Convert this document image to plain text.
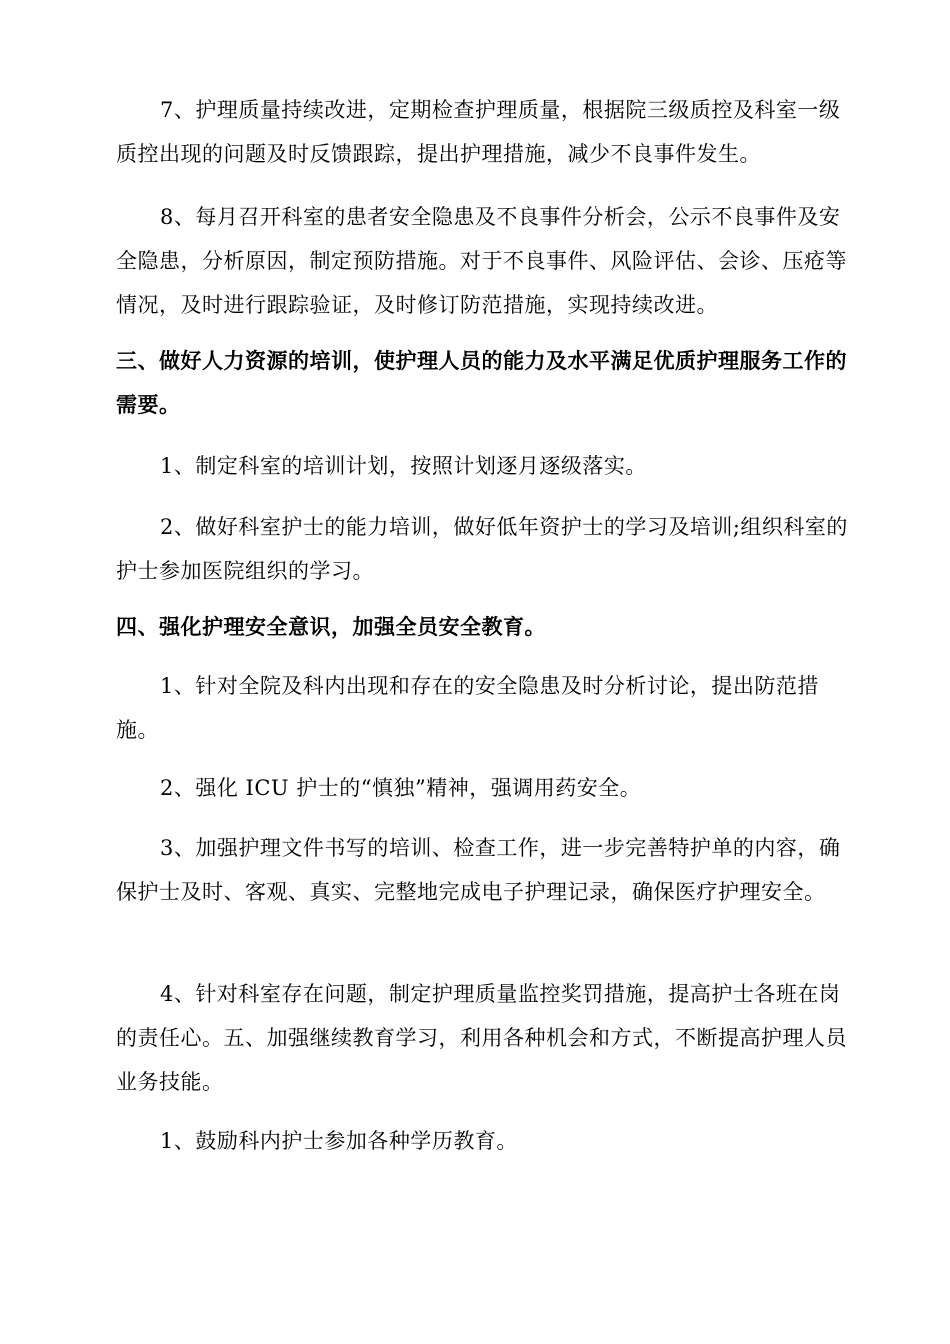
7、护理质量持续改进，定期检查护理质量，根据院三级质控及科室一级质控出现的问题及时反馈跟踪，提出护理措施，减少不良事件发生。

8、每月召开科室的患者安全隐患及不良事件分析会，公示不良事件及安全隐患，分析原因，制定预防措施。对于不良事件、风险评估、会诊、压疮等情况，及时进行跟踪验证，及时修订防范措施，实现持续改进。

三、做好人力资源的培训，使护理人员的能力及水平满足优质护理服务工作的需要。

1、制定科室的培训计划，按照计划逐月逐级落实。

2、做好科室护士的能力培训，做好低年资护士的学习及培训;组织科室的护士参加医院组织的学习。

四、强化护理安全意识，加强全员安全教育。

1、针对全院及科内出现和存在的安全隐患及时分析讨论，提出防范措施。

2、强化 ICU 护士的“慎独”精神，强调用药安全。

3、加强护理文件书写的培训、检查工作，进一步完善特护单的内容，确保护士及时、客观、真实、完整地完成电子护理记录，确保医疗护理安全。

4、针对科室存在问题，制定护理质量监控奖罚措施，提高护士各班在岗的责任心。五、加强继续教育学习，利用各种机会和方式，不断提高护理人员业务技能。

1、鼓励科内护士参加各种学历教育。
